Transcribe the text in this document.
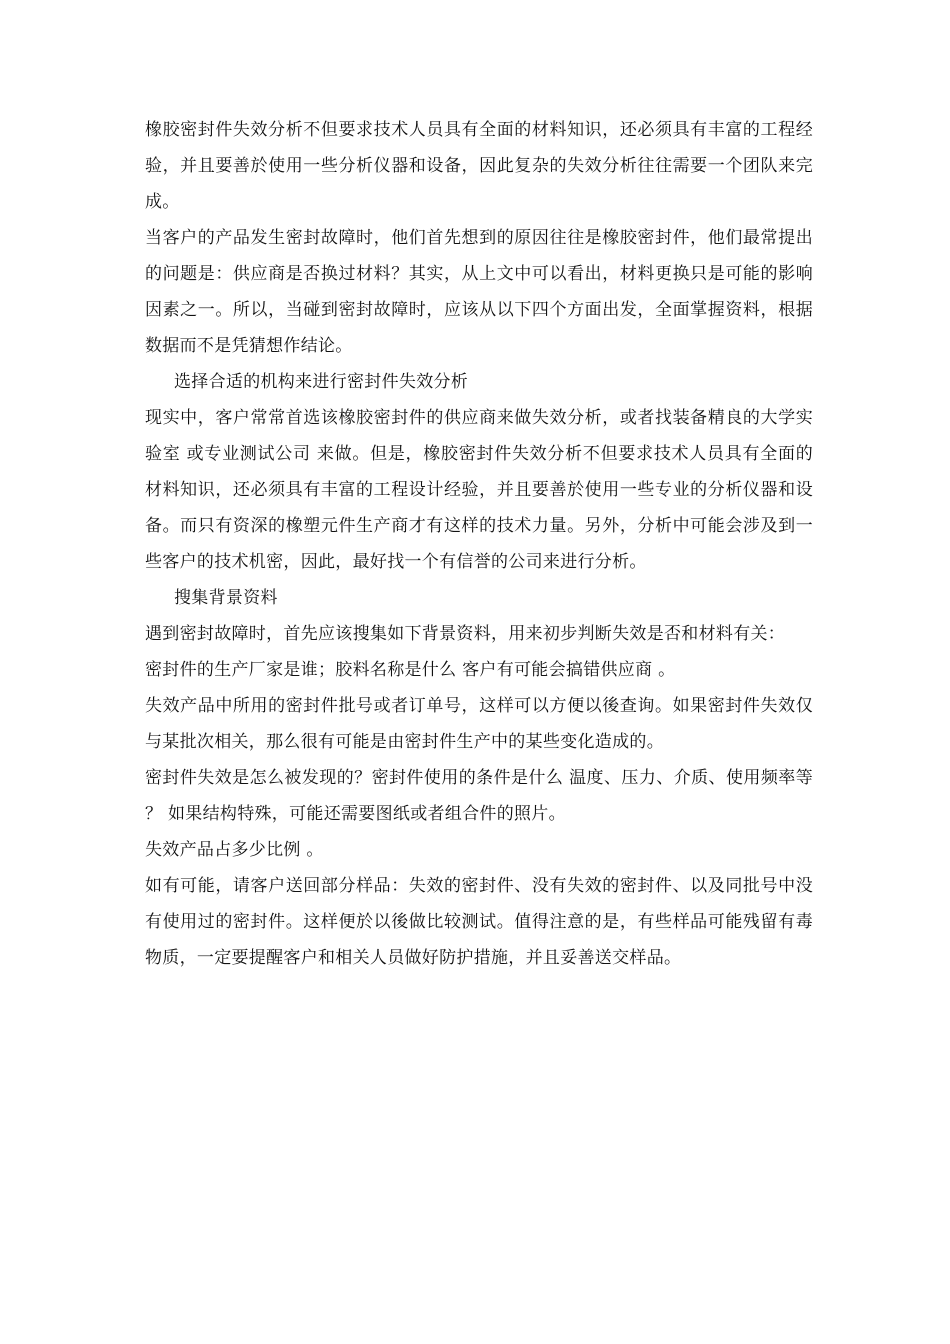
橡胶密封件失效分析不但要求技术人员具有全面的材料知识，还必须具有丰富的工程经验，并且要善於使用一些分析仪器和设备，因此复杂的失效分析往往需要一个团队来完成。

当客户的产品发生密封故障时，他们首先想到的原因往往是橡胶密封件，他们最常提出的问题是：供应商是否换过材料？其实，从上文中可以看出，材料更换只是可能的影响因素之一。所以，当碰到密封故障时，应该从以下四个方面出发，全面掌握资料，根据数据而不是凭猜想作结论。

选择合适的机构来进行密封件失效分析

现实中，客户常常首选该橡胶密封件的供应商来做失效分析，或者找装备精良的大学实验室 或专业测试公司 来做。但是，橡胶密封件失效分析不但要求技术人员具有全面的材料知识，还必须具有丰富的工程设计经验，并且要善於使用一些专业的分析仪器和设备。而只有资深的橡塑元件生产商才有这样的技术力量。另外，分析中可能会涉及到一些客户的技术机密，因此，最好找一个有信誉的公司来进行分析。

搜集背景资料

遇到密封故障时，首先应该搜集如下背景资料，用来初步判断失效是否和材料有关：

密封件的生产厂家是谁；胶料名称是什么 客户有可能会搞错供应商 。

失效产品中所用的密封件批号或者订单号，这样可以方便以後查询。如果密封件失效仅与某批次相关，那么很有可能是由密封件生产中的某些变化造成的。

密封件失效是怎么被发现的？密封件使用的条件是什么 温度、压力、介质、使用频率等 ？ 如果结构特殊，可能还需要图纸或者组合件的照片。

失效产品占多少比例 。

如有可能，请客户送回部分样品：失效的密封件、没有失效的密封件、以及同批号中没有使用过的密封件。这样便於以後做比较测试。值得注意的是，有些样品可能残留有毒物质，一定要提醒客户和相关人员做好防护措施，并且妥善送交样品。
